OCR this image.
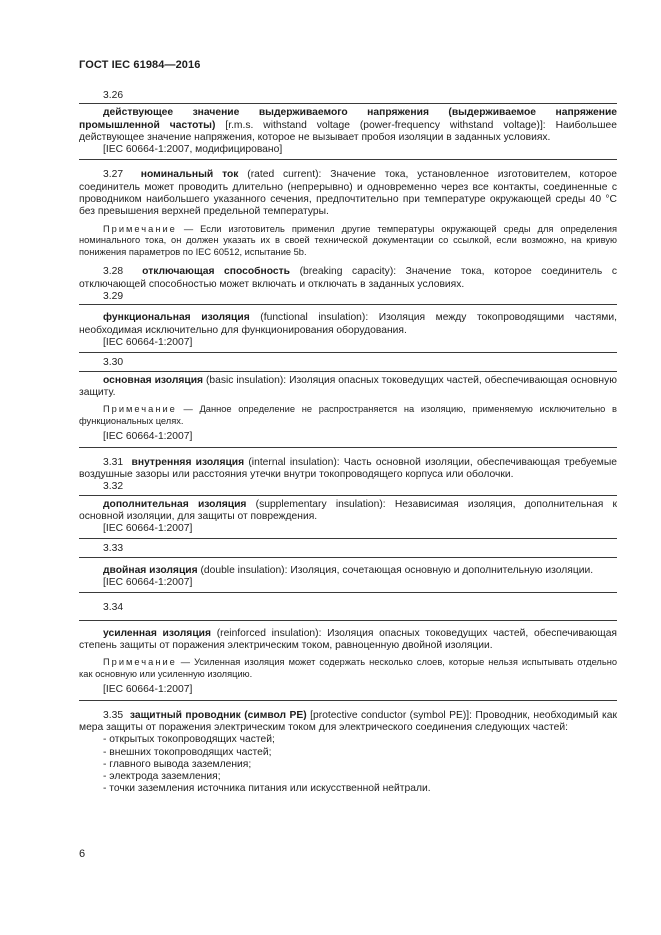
ГОСТ IEC 61984—2016

3.26

действующее значение выдерживаемого напряжения (выдерживаемое напряжение промышленной частоты) [r.m.s. withstand voltage (power-frequency withstand voltage)]: Наибольшее действующее значение напряжения, которое не вызывает пробоя изоляции в заданных условиях.

[IEC 60664-1:2007, модифицировано]

3.27 номинальный ток (rated current): Значение тока, установленное изготовителем, которое соединитель может проводить длительно (непрерывно) и одновременно через все контакты, соединенные с проводником наибольшего указанного сечения, предпочтительно при температуре окружающей среды 40 °С без превышения верхней предельной температуры.

Примечание — Если изготовитель применил другие температуры окружающей среды для определения номинального тока, он должен указать их в своей технической документации со ссылкой, если возможно, на кривую понижения параметров по IEC 60512, испытание 5b.

3.28 отключающая способность (breaking capacity): Значение тока, которое соединитель с отключающей способностью может включать и отключать в заданных условиях.

3.29

функциональная изоляция (functional insulation): Изоляция между токопроводящими частями, необходимая исключительно для функционирования оборудования.

[IEC 60664-1:2007]

3.30

основная изоляция (basic insulation): Изоляция опасных токоведущих частей, обеспечивающая основную защиту.

Примечание — Данное определение не распространяется на изоляцию, применяемую исключительно в функциональных целях.

[IEC 60664-1:2007]

3.31 внутренняя изоляция (internal insulation): Часть основной изоляции, обеспечивающая требуемые воздушные зазоры или расстояния утечки внутри токопроводящего корпуса или оболочки.

3.32

дополнительная изоляция (supplementary insulation): Независимая изоляция, дополнительная к основной изоляции, для защиты от повреждения.

[IEC 60664-1:2007]

3.33

двойная изоляция (double insulation): Изоляция, сочетающая основную и дополнительную изоляции.

[IEC 60664-1:2007]

3.34

усиленная изоляция (reinforced insulation): Изоляция опасных токоведущих частей, обеспечивающая степень защиты от поражения электрическим током, равноценную двойной изоляции.

Примечание — Усиленная изоляция может содержать несколько слоев, которые нельзя испытывать отдельно как основную или усиленную изоляцию.

[IEC 60664-1:2007]

3.35 защитный проводник (символ PE) [protective conductor (symbol PE)]: Проводник, необходимый как мера защиты от поражения электрическим током для электрического соединения следующих частей:

- открытых токопроводящих частей;
- внешних токопроводящих частей;
- главного вывода заземления;
- электрода заземления;
- точки заземления источника питания или искусственной нейтрали.
6
